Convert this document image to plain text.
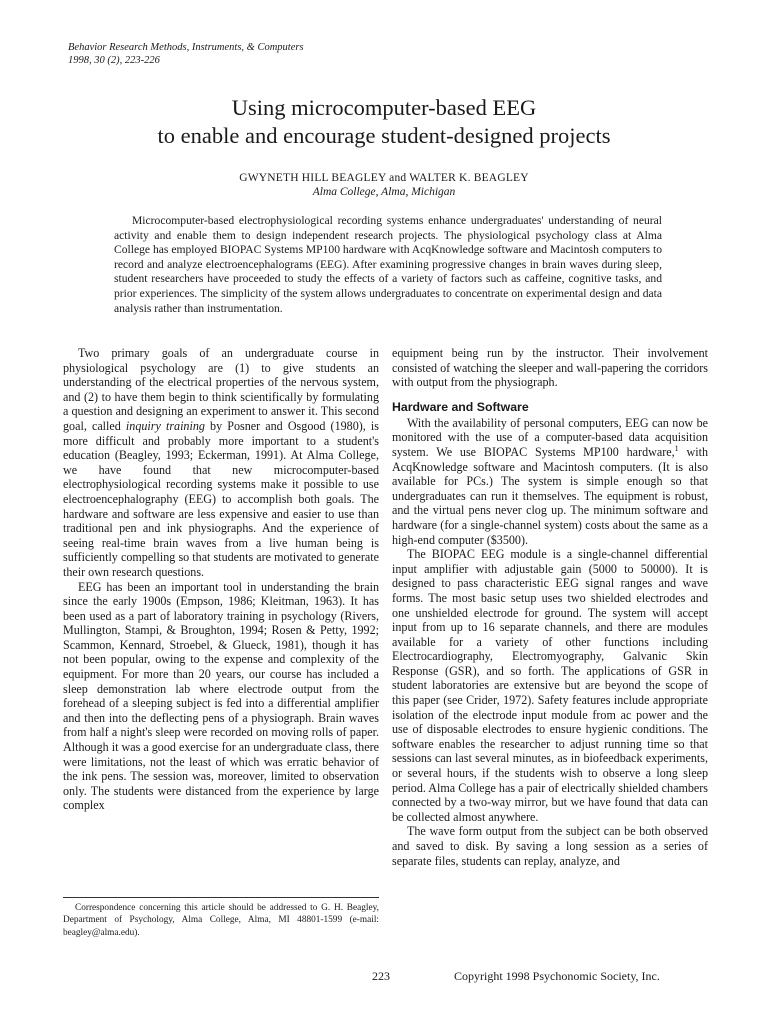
Behavior Research Methods, Instruments, & Computers
1998, 30 (2), 223-226
Using microcomputer-based EEG
to enable and encourage student-designed projects
GWYNETH HILL BEAGLEY and WALTER K. BEAGLEY
Alma College, Alma, Michigan

Microcomputer-based electrophysiological recording systems enhance undergraduates' understanding of neural activity and enable them to design independent research projects. The physiological psychology class at Alma College has employed BIOPAC Systems MP100 hardware with AcqKnowledge software and Macintosh computers to record and analyze electroencephalograms (EEG). After examining progressive changes in brain waves during sleep, student researchers have proceeded to study the effects of a variety of factors such as caffeine, cognitive tasks, and prior experiences. The simplicity of the system allows undergraduates to concentrate on experimental design and data analysis rather than instrumentation.

Two primary goals of an undergraduate course in physiological psychology are (1) to give students an understanding of the electrical properties of the nervous system, and (2) to have them begin to think scientifically by formulating a question and designing an experiment to answer it. This second goal, called inquiry training by Posner and Osgood (1980), is more difficult and probably more important to a student's education (Beagley, 1993; Eckerman, 1991). At Alma College, we have found that new microcomputer-based electrophysiological recording systems make it possible to use electroencephalography (EEG) to accomplish both goals. The hardware and software are less expensive and easier to use than traditional pen and ink physiographs. And the experience of seeing real-time brain waves from a live human being is sufficiently compelling so that students are motivated to generate their own research questions.

EEG has been an important tool in understanding the brain since the early 1900s (Empson, 1986; Kleitman, 1963). It has been used as a part of laboratory training in psychology (Rivers, Mullington, Stampi, & Broughton, 1994; Rosen & Petty, 1992; Scammon, Kennard, Stroebel, & Glueck, 1981), though it has not been popular, owing to the expense and complexity of the equipment. For more than 20 years, our course has included a sleep demonstration lab where electrode output from the forehead of a sleeping subject is fed into a differential amplifier and then into the deflecting pens of a physiograph. Brain waves from half a night's sleep were recorded on moving rolls of paper. Although it was a good exercise for an undergraduate class, there were limitations, not the least of which was erratic behavior of the ink pens. The session was, moreover, limited to observation only. The students were distanced from the experience by large complex

equipment being run by the instructor. Their involvement consisted of watching the sleeper and wall-papering the corridors with output from the physiograph.

Hardware and Software

With the availability of personal computers, EEG can now be monitored with the use of a computer-based data acquisition system. We use BIOPAC Systems MP100 hardware,$^1$ with AcqKnowledge software and Macintosh computers. (It is also available for PCs.) The system is simple enough so that undergraduates can run it themselves. The equipment is robust, and the virtual pens never clog up. The minimum software and hardware (for a single-channel system) costs about the same as a high-end computer ($3500).

The BIOPAC EEG module is a single-channel differential input amplifier with adjustable gain (5000 to 50000). It is designed to pass characteristic EEG signal ranges and wave forms. The most basic setup uses two shielded electrodes and one unshielded electrode for ground. The system will accept input from up to 16 separate channels, and there are modules available for a variety of other functions including Electrocardiography, Electromyography, Galvanic Skin Response (GSR), and so forth. The applications of GSR in student laboratories are extensive but are beyond the scope of this paper (see Crider, 1972). Safety features include appropriate isolation of the electrode input module from ac power and the use of disposable electrodes to ensure hygienic conditions. The software enables the researcher to adjust running time so that sessions can last several minutes, as in biofeedback experiments, or several hours, if the students wish to observe a long sleep period. Alma College has a pair of electrically shielded chambers connected by a two-way mirror, but we have found that data can be collected almost anywhere.

The wave form output from the subject can be both observed and saved to disk. By saving a long session as a series of separate files, students can replay, analyze, and

Correspondence concerning this article should be addressed to G. H. Beagley, Department of Psychology, Alma College, Alma, MI 48801-1599 (e-mail: beagley@alma.edu).

223	Copyright 1998 Psychonomic Society, Inc.
